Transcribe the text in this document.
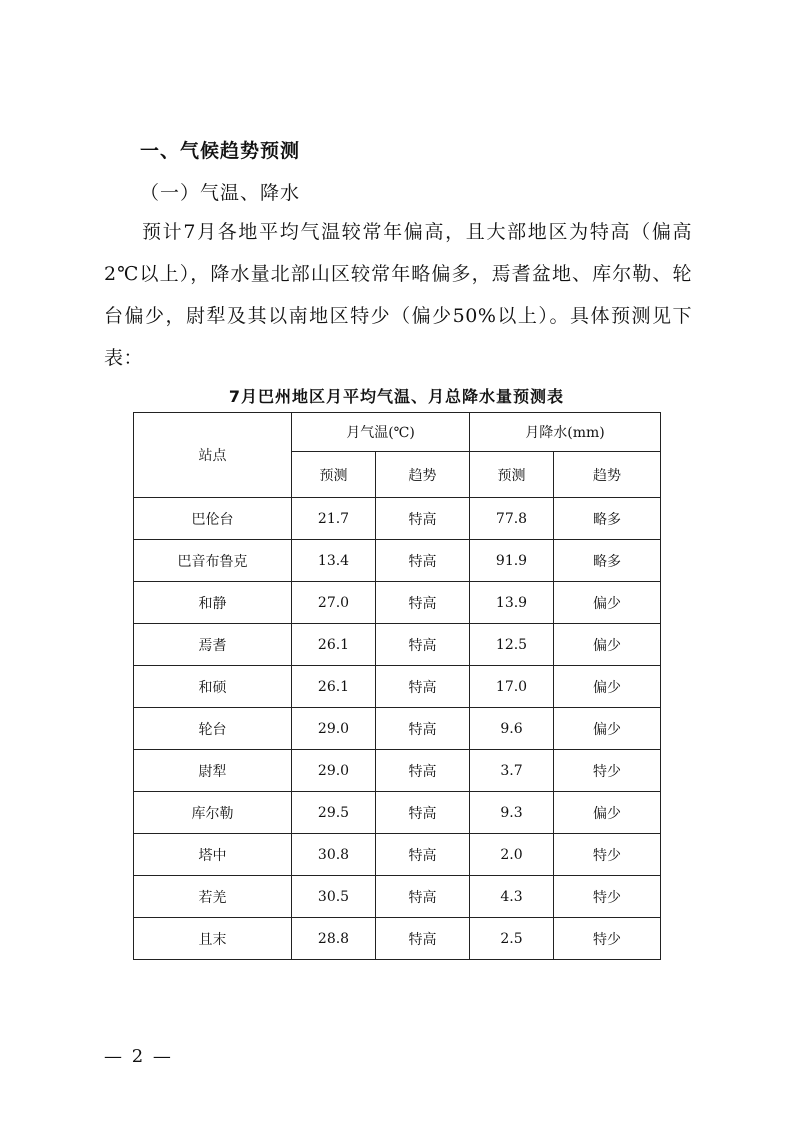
一、气候趋势预测
（一）气温、降水

预计7月各地平均气温较常年偏高，且大部地区为特高（偏高2℃以上），降水量北部山区较常年略偏多，焉耆盆地、库尔勒、轮台偏少，尉犁及其以南地区特少（偏少50%以上）。具体预测见下表：

7月巴州地区月平均气温、月总降水量预测表
站点	月气温(℃)		月降水(mm)	
	预测	趋势	预测	趋势
巴伦台	21.7	特高	77.8	略多
巴音布鲁克	13.4	特高	91.9	略多
和静	27.0	特高	13.9	偏少
焉耆	26.1	特高	12.5	偏少
和硕	26.1	特高	17.0	偏少
轮台	29.0	特高	9.6	偏少
尉犁	29.0	特高	3.7	特少
库尔勒	29.5	特高	9.3	偏少
塔中	30.8	特高	2.0	特少
若羌	30.5	特高	4.3	特少
且末	28.8	特高	2.5	特少
— 2 —
